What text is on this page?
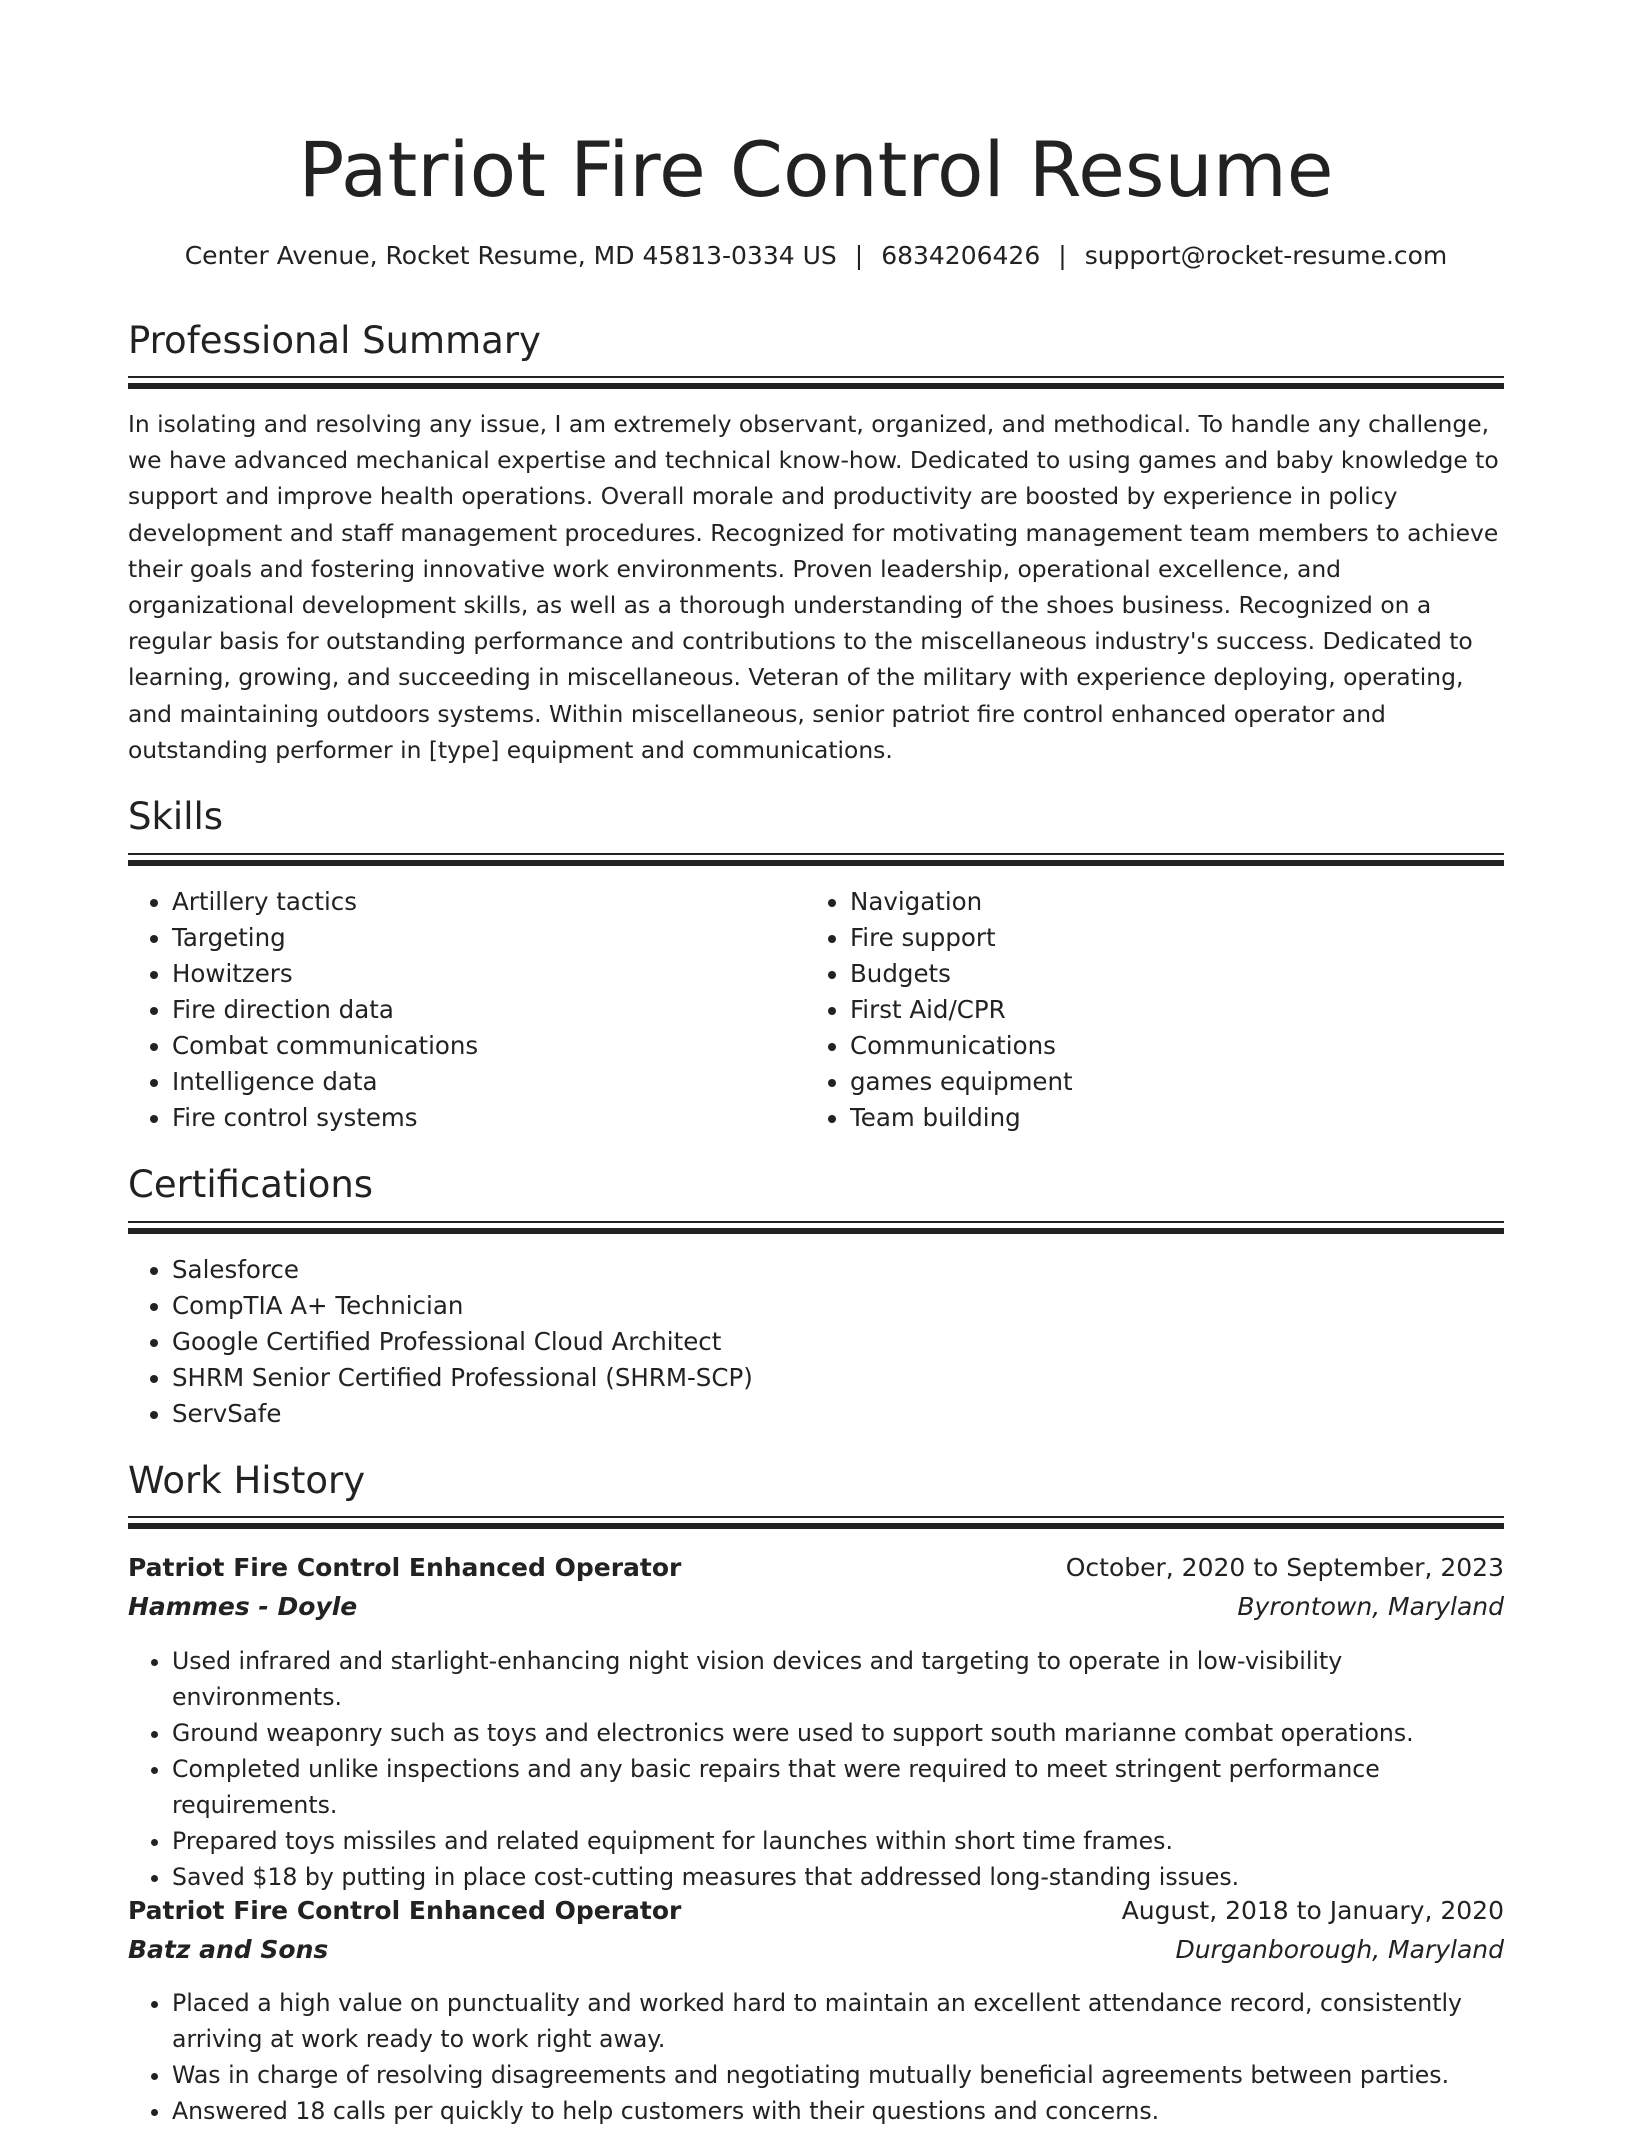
Patriot Fire Control Resume
Center Avenue, Rocket Resume, MD 45813-0334 US | 6834206426 | support@rocket-resume.com
Professional Summary

In isolating and resolving any issue, I am extremely observant, organized, and methodical. To handle any challenge, we have advanced mechanical expertise and technical know-how. Dedicated to using games and baby knowledge to support and improve health operations. Overall morale and productivity are boosted by experience in policy development and staff management procedures. Recognized for motivating management team members to achieve their goals and fostering innovative work environments. Proven leadership, operational excellence, and organizational development skills, as well as a thorough understanding of the shoes business. Recognized on a regular basis for outstanding performance and contributions to the miscellaneous industry's success. Dedicated to learning, growing, and succeeding in miscellaneous. Veteran of the military with experience deploying, operating, and maintaining outdoors systems. Within miscellaneous, senior patriot fire control enhanced operator and outstanding performer in [type] equipment and communications.

Skills
• Artillery tactics
• Targeting
• Howitzers
• Fire direction data
• Combat communications
• Intelligence data
• Fire control systems
• Navigation
• Fire support
• Budgets
• First Aid/CPR
• Communications
• games equipment
• Team building
Certifications
• Salesforce
• CompTIA A+ Technician
• Google Certified Professional Cloud Architect
• SHRM Senior Certified Professional (SHRM-SCP)
• ServSafe
Work History
Patriot Fire Control Enhanced Operator	October, 2020 to September, 2023
Hammes - Doyle	Byrontown, Maryland
• Used infrared and starlight-enhancing night vision devices and targeting to operate in low-visibility environments.
• Ground weaponry such as toys and electronics were used to support south marianne combat operations.
• Completed unlike inspections and any basic repairs that were required to meet stringent performance requirements.
• Prepared toys missiles and related equipment for launches within short time frames.
• Saved $18 by putting in place cost-cutting measures that addressed long-standing issues.
Patriot Fire Control Enhanced Operator	August, 2018 to January, 2020
Batz and Sons	Durganborough, Maryland
• Placed a high value on punctuality and worked hard to maintain an excellent attendance record, consistently arriving at work ready to work right away.
• Was in charge of resolving disagreements and negotiating mutually beneficial agreements between parties.
• Answered 18 calls per quickly to help customers with their questions and concerns.
